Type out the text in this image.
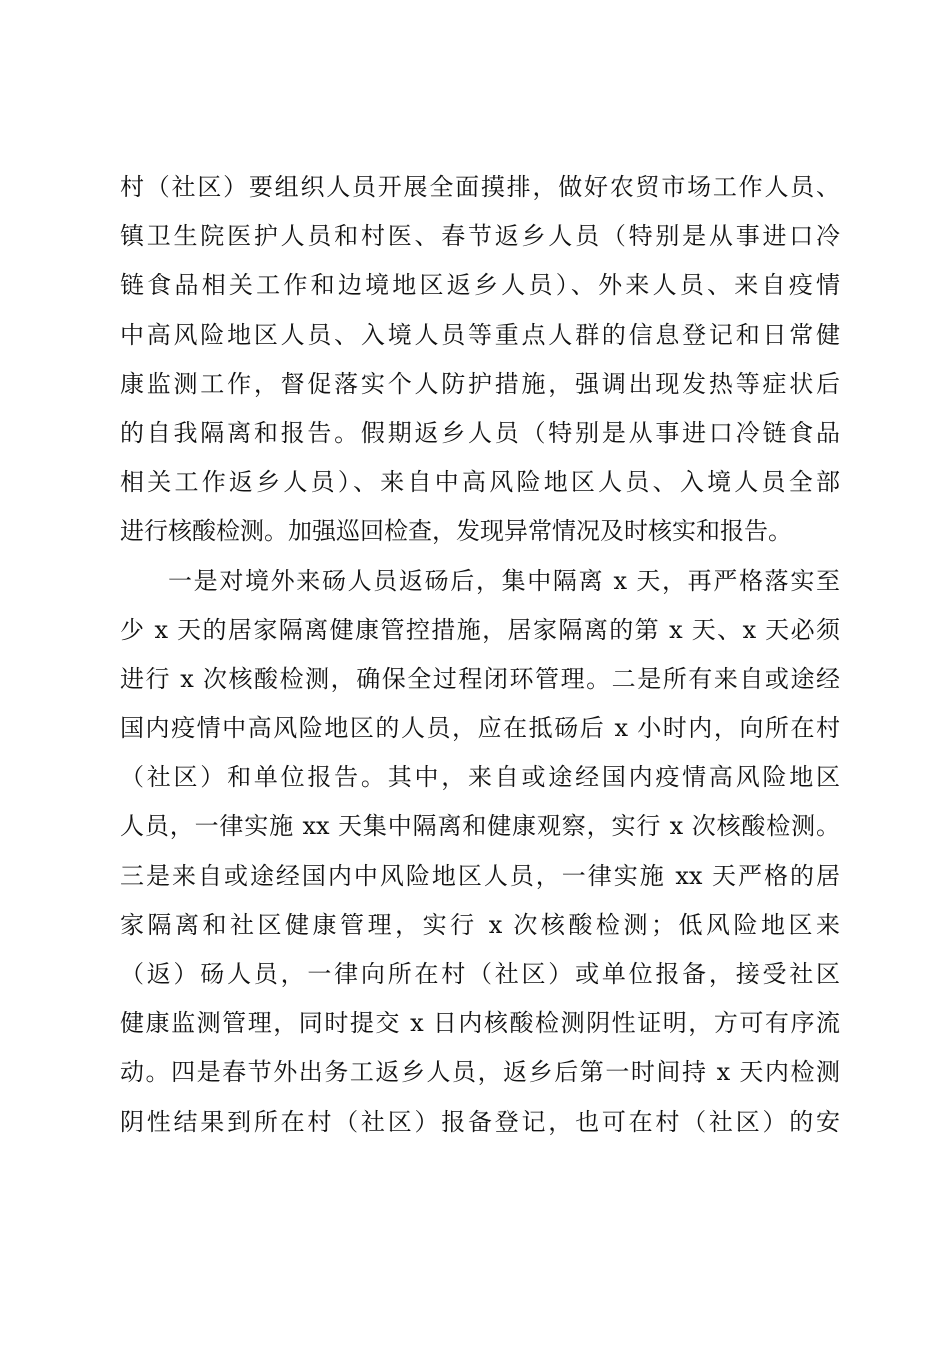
村（社区）要组织人员开展全面摸排，做好农贸市场工作人员、
镇卫生院医护人员和村医、春节返乡人员（特别是从事进口冷
链食品相关工作和边境地区返乡人员）、外来人员、来自疫情
中高风险地区人员、入境人员等重点人群的信息登记和日常健
康监测工作，督促落实个人防护措施，强调出现发热等症状后
的自我隔离和报告。假期返乡人员（特别是从事进口冷链食品
相关工作返乡人员）、来自中高风险地区人员、入境人员全部
进行核酸检测。加强巡回检查，发现异常情况及时核实和报告。
一是对境外来砀人员返砀后，集中隔离 x 天，再严格落实至
少 x 天的居家隔离健康管控措施，居家隔离的第 x 天、x 天必须
进行 x 次核酸检测，确保全过程闭环管理。二是所有来自或途经
国内疫情中高风险地区的人员，应在抵砀后 x 小时内，向所在村
（社区）和单位报告。其中，来自或途经国内疫情高风险地区
人员，一律实施 xx 天集中隔离和健康观察，实行 x 次核酸检测。
三是来自或途经国内中风险地区人员，一律实施 xx 天严格的居
家隔离和社区健康管理，实行 x 次核酸检测；低风险地区来
（返）砀人员，一律向所在村（社区）或单位报备，接受社区
健康监测管理，同时提交 x 日内核酸检测阴性证明，方可有序流
动。四是春节外出务工返乡人员，返乡后第一时间持 x 天内检测
阴性结果到所在村（社区）报备登记，也可在村（社区）的安
